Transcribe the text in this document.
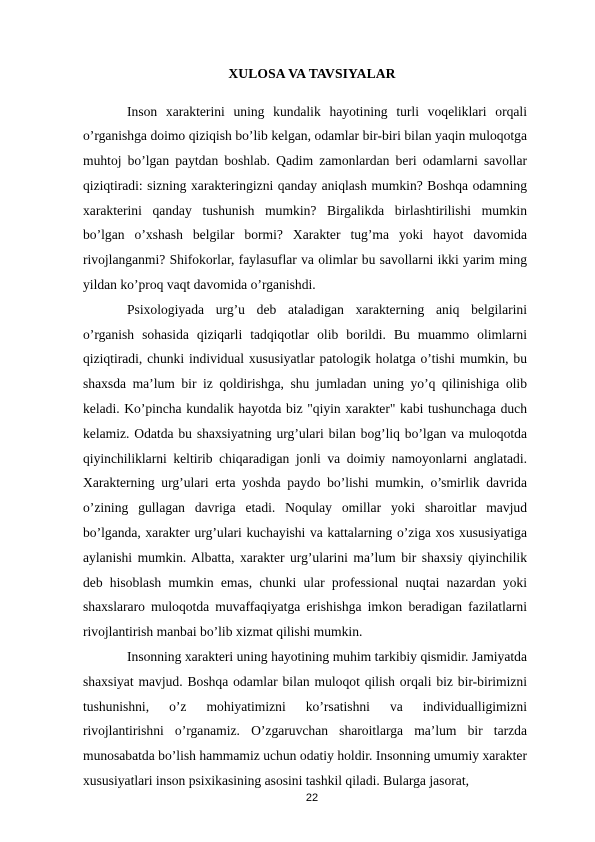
XULOSA VA TAVSIYALAR

Inson xarakterini uning kundalik hayotining turli voqeliklari orqali o’rganishga doimo qiziqish bo’lib kelgan, odamlar bir-biri bilan yaqin muloqotga muhtoj bo’lgan paytdan boshlab. Qadim zamonlardan beri odamlarni savollar qiziqtiradi: sizning xarakteringizni qanday aniqlash mumkin? Boshqa odamning xarakterini qanday tushunish mumkin? Birgalikda birlashtirilishi mumkin bo’lgan o’xshash belgilar bormi? Xarakter tug’ma yoki hayot davomida rivojlanganmi? Shifokorlar, faylasuflar va olimlar bu savollarni ikki yarim ming yildan ko’proq vaqt davomida o’rganishdi.

Psixologiyada urg’u deb ataladigan xarakterning aniq belgilarini o’rganish sohasida qiziqarli tadqiqotlar olib borildi. Bu muammo olimlarni qiziqtiradi, chunki individual xususiyatlar patologik holatga o’tishi mumkin, bu shaxsda ma’lum bir iz qoldirishga, shu jumladan uning yo’q qilinishiga olib keladi. Ko’pincha kundalik hayotda biz "qiyin xarakter" kabi tushunchaga duch kelamiz. Odatda bu shaxsiyatning urg’ulari bilan bog’liq bo’lgan va muloqotda qiyinchiliklarni keltirib chiqaradigan jonli va doimiy namoyonlarni anglatadi. Xarakterning urg’ulari erta yoshda paydo bo’lishi mumkin, o’smirlik davrida o’zining gullagan davriga etadi. Noqulay omillar yoki sharoitlar mavjud bo’lganda, xarakter urg’ulari kuchayishi va kattalarning o’ziga xos xususiyatiga aylanishi mumkin. Albatta, xarakter urg’ularini ma’lum bir shaxsiy qiyinchilik deb hisoblash mumkin emas, chunki ular professional nuqtai nazardan yoki shaxslararo muloqotda muvaffaqiyatga erishishga imkon beradigan fazilatlarni rivojlantirish manbai bo’lib xizmat qilishi mumkin.

Insonning xarakteri uning hayotining muhim tarkibiy qismidir. Jamiyatda shaxsiyat mavjud. Boshqa odamlar bilan muloqot qilish orqali biz bir-birimizni tushunishni, o’z mohiyatimizni ko’rsatishni va individualligimizni rivojlantirishni o’rganamiz. O’zgaruvchan sharoitlarga ma’lum bir tarzda munosabatda bo’lish hammamiz uchun odatiy holdir. Insonning umumiy xarakter xususiyatlari inson psixikasining asosini tashkil qiladi. Bularga jasorat,

22
